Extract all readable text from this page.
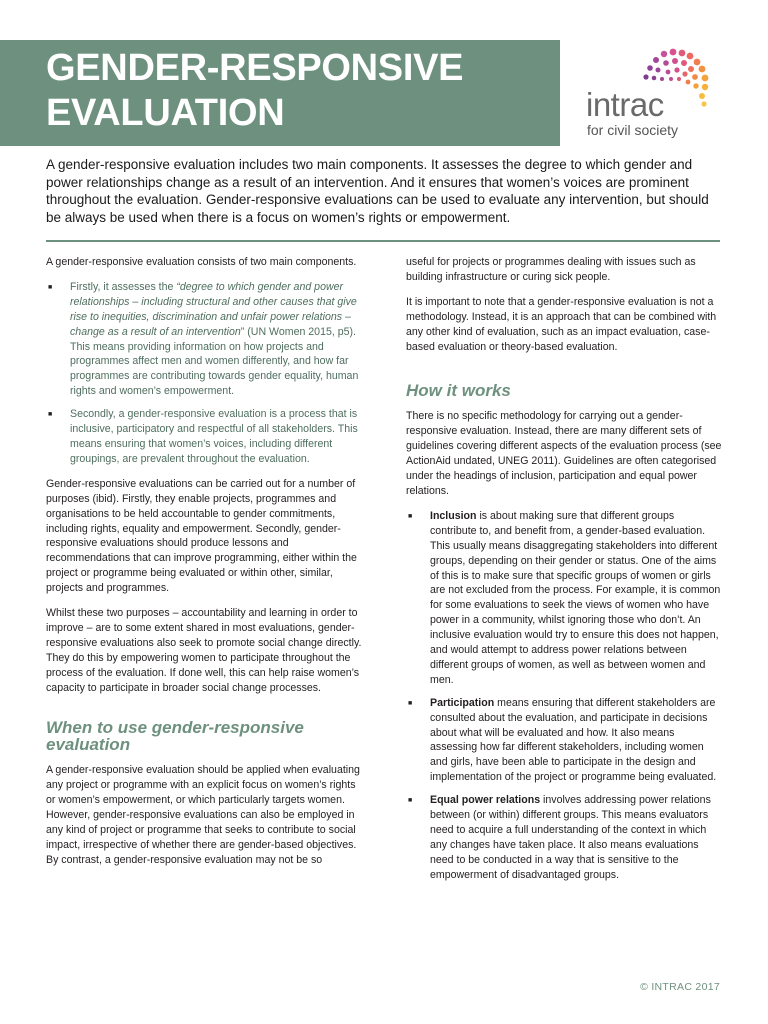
GENDER-RESPONSIVE
EVALUATION	intrac
for civil society

A gender-responsive evaluation includes two main components. It assesses the degree to which gender and power relationships change as a result of an intervention. And it ensures that women’s voices are prominent throughout the evaluation. Gender-responsive evaluations can be used to evaluate any intervention, but should be always be used when there is a focus on women’s rights or empowerment.

A gender-responsive evaluation consists of two main components.

■ Firstly, it assesses the “degree to which gender and power relationships – including structural and other causes that give rise to inequities, discrimination and unfair power relations – change as a result of an intervention” (UN Women 2015, p5). This means providing information on how projects and programmes affect men and women differently, and how far programmes are contributing towards gender equality, human rights and women’s empowerment.
■ Secondly, a gender-responsive evaluation is a process that is inclusive, participatory and respectful of all stakeholders. This means ensuring that women’s voices, including different groupings, are prevalent throughout the evaluation.

Gender-responsive evaluations can be carried out for a number of purposes (ibid). Firstly, they enable projects, programmes and organisations to be held accountable to gender commitments, including rights, equality and empowerment. Secondly, gender-responsive evaluations should produce lessons and recommendations that can improve programming, either within the project or programme being evaluated or within other, similar, projects and programmes.

Whilst these two purposes – accountability and learning in order to improve – are to some extent shared in most evaluations, gender-responsive evaluations also seek to promote social change directly. They do this by empowering women to participate throughout the process of the evaluation. If done well, this can help raise women’s capacity to participate in broader social change processes.

When to use gender-responsive evaluation

A gender-responsive evaluation should be applied when evaluating any project or programme with an explicit focus on women’s rights or women’s empowerment, or which particularly targets women. However, gender-responsive evaluations can also be employed in any kind of project or programme that seeks to contribute to social impact, irrespective of whether there are gender-based objectives. By contrast, a gender-responsive evaluation may not be so

useful for projects or programmes dealing with issues such as building infrastructure or curing sick people.

It is important to note that a gender-responsive evaluation is not a methodology. Instead, it is an approach that can be combined with any other kind of evaluation, such as an impact evaluation, case-based evaluation or theory-based evaluation.

How it works

There is no specific methodology for carrying out a gender-responsive evaluation. Instead, there are many different sets of guidelines covering different aspects of the evaluation process (see ActionAid undated, UNEG 2011). Guidelines are often categorised under the headings of inclusion, participation and equal power relations.

■ Inclusion is about making sure that different groups contribute to, and benefit from, a gender-based evaluation. This usually means disaggregating stakeholders into different groups, depending on their gender or status. One of the aims of this is to make sure that specific groups of women or girls are not excluded from the process. For example, it is common for some evaluations to seek the views of women who have power in a community, whilst ignoring those who don’t. An inclusive evaluation would try to ensure this does not happen, and would attempt to address power relations between different groups of women, as well as between women and men.
■ Participation means ensuring that different stakeholders are consulted about the evaluation, and participate in decisions about what will be evaluated and how. It also means assessing how far different stakeholders, including women and girls, have been able to participate in the design and implementation of the project or programme being evaluated.
■ Equal power relations involves addressing power relations between (or within) different groups. This means evaluators need to acquire a full understanding of the context in which any changes have taken place. It also means evaluations need to be conducted in a way that is sensitive to the empowerment of disadvantaged groups.
© INTRAC 2017
